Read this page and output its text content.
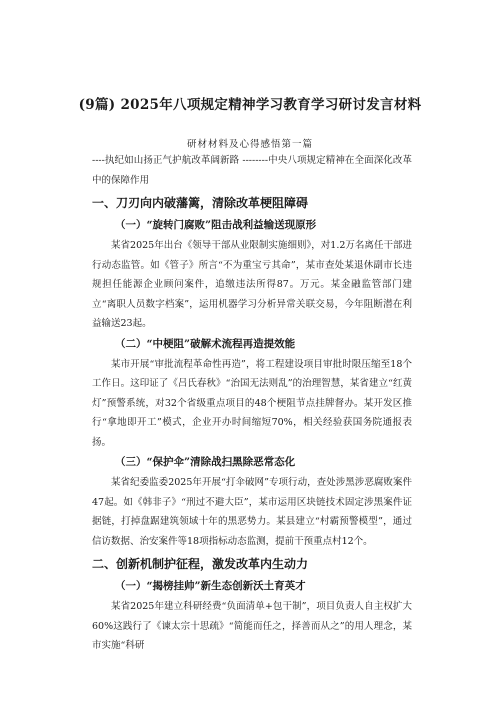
(9篇) 2025年八项规定精神学习教育学习研讨发言材料
研材材料及心得感悟第一篇

----执纪如山扬正气护航改革阔新路 --------中央八项规定精神在全面深化改革中的保障作用

一、刀刃向内破藩篱，清除改革梗阻障碍
（一）“旋转门腐败”阻击战利益输送现原形

某省2025年出台《领导干部从业限制实施细则》，对1.2万名离任干部进行动态监管。如《管子》所言“不为重宝亏其命”，某市查处某退休副市长违规担任能源企业顾问案件，追缴违法所得87。万元。某金融监管部门建立“离职人员数字档案”，运用机器学习分析异常关联交易，今年阻断潜在利益输送23起。

（二）“中梗阻”破解术流程再造提效能

某市开展“审批流程革命性再造”，将工程建设项目审批时限压缩至18个工作日。这印证了《吕氏春秋》“治国无法则乱”的治理智慧，某省建立“红黄灯”预警系统，对32个省级重点项目的48个梗阻节点挂牌督办。某开发区推行“拿地即开工”模式，企业开办时间缩短70%，相关经验获国务院通报表扬。

（三）“保护伞”清除战扫黑除恶常态化

某省纪委监委2025年开展“打伞破网”专项行动，查处涉黑涉恶腐败案件47起。如《韩非子》“刑过不避大臣”，某市运用区块链技术固定涉黑案件证据链，打掉盘踞建筑领域十年的黑恶势力。某县建立“村霸预警模型”，通过信访数据、治安案件等18项指标动态监测，提前干预重点村12个。

二、创新机制护征程，激发改革内生动力
（一）“揭榜挂帅”新生态创新沃土育英才

某省2025年建立科研经费“负面清单+包干制”，项目负责人自主权扩大60%这践行了《谏太宗十思疏》“简能而任之，择善而从之”的用人理念，某市实施“科研
